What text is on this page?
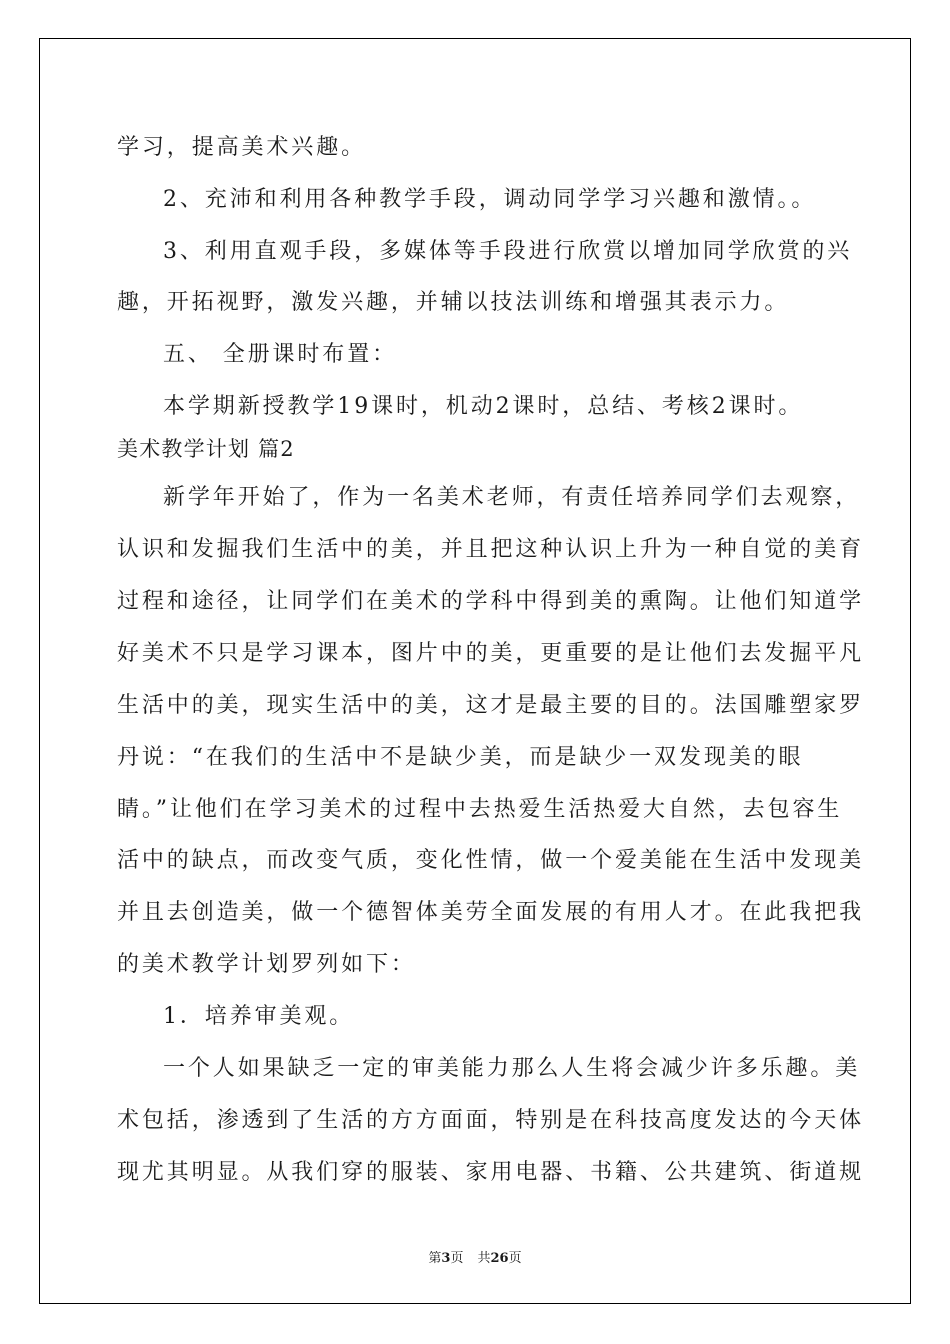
学习，提高美术兴趣。
2、充沛和利用各种教学手段，调动同学学习兴趣和激情。。
3、利用直观手段，多媒体等手段进行欣赏以增加同学欣赏的兴
趣，开拓视野，激发兴趣，并辅以技法训练和增强其表示力。
五、 全册课时布置：
本学期新授教学19课时，机动2课时，总结、考核2课时。
美术教学计划 篇2
新学年开始了，作为一名美术老师，有责任培养同学们去观察，
认识和发掘我们生活中的美，并且把这种认识上升为一种自觉的美育
过程和途径，让同学们在美术的学科中得到美的熏陶。让他们知道学
好美术不只是学习课本，图片中的美，更重要的是让他们去发掘平凡
生活中的美，现实生活中的美，这才是最主要的目的。法国雕塑家罗
丹说：“在我们的生活中不是缺少美，而是缺少一双发现美的眼
睛。”让他们在学习美术的过程中去热爱生活热爱大自然，去包容生
活中的缺点，而改变气质，变化性情，做一个爱美能在生活中发现美
并且去创造美，做一个德智体美劳全面发展的有用人才。在此我把我
的美术教学计划罗列如下：
1．培养审美观。
一个人如果缺乏一定的审美能力那么人生将会减少许多乐趣。美
术包括，渗透到了生活的方方面面，特别是在科技高度发达的今天体
现尤其明显。从我们穿的服装、家用电器、书籍、公共建筑、街道规
第3页 共26页
